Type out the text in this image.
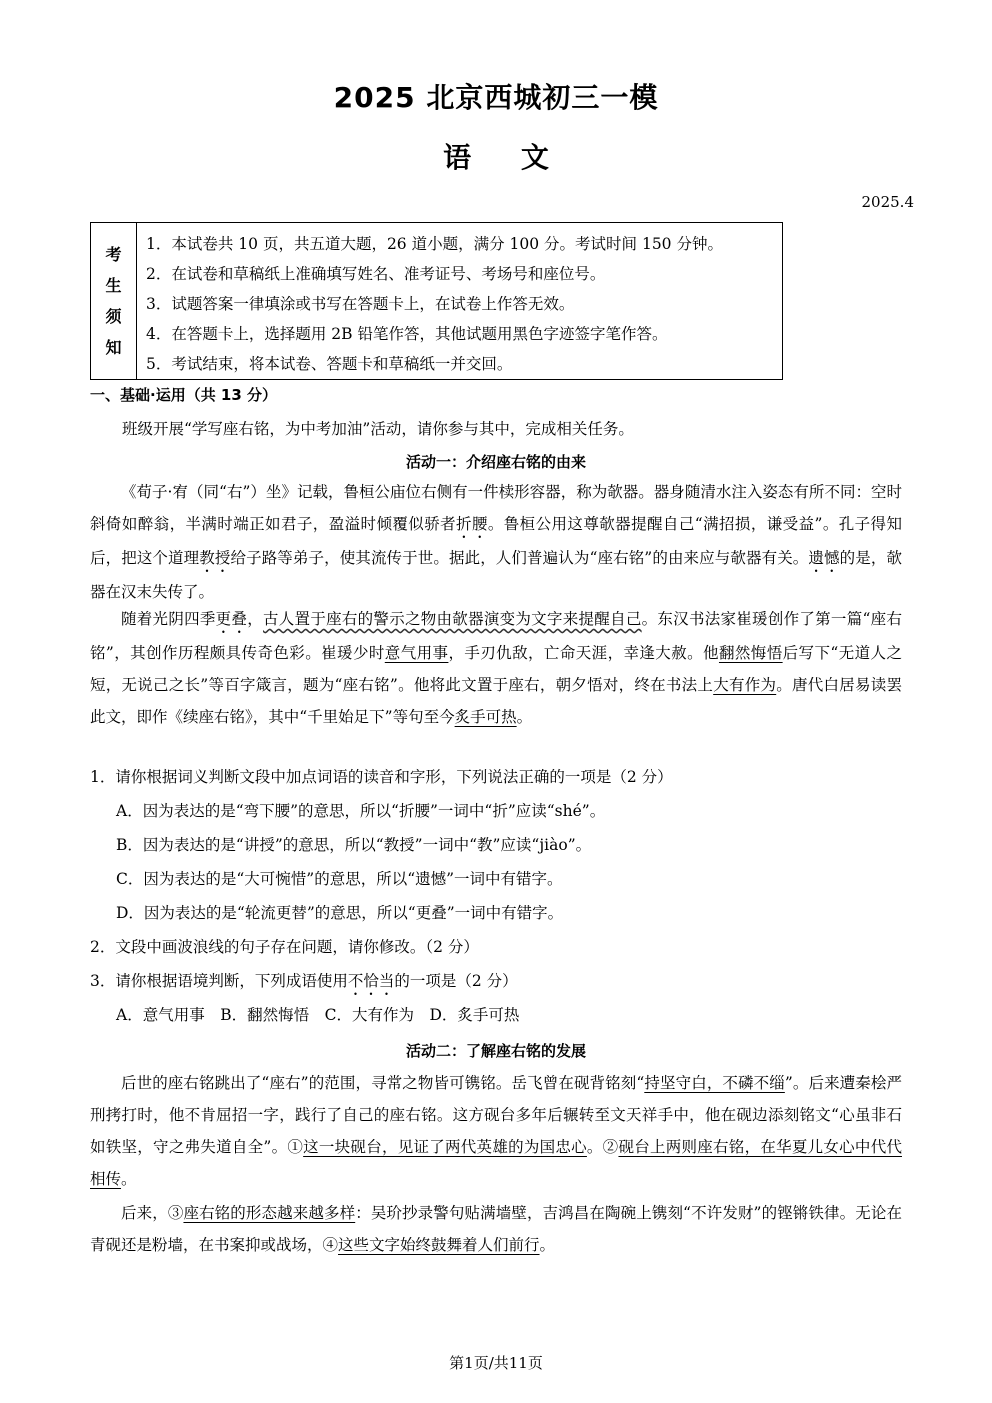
2025 北京西城初三一模
语 文
2025.4
考
生
须
知
1．本试卷共 10 页，共五道大题，26 道小题，满分 100 分。考试时间 150 分钟。
2．在试卷和草稿纸上准确填写姓名、准考证号、考场号和座位号。
3．试题答案一律填涂或书写在答题卡上，在试卷上作答无效。
4．在答题卡上，选择题用 2B 铅笔作答，其他试题用黑色字迹签字笔作答。
5．考试结束，将本试卷、答题卡和草稿纸一并交回。
一、基础·运用（共 13 分）
班级开展“学写座右铭，为中考加油”活动，请你参与其中，完成相关任务。
活动一：介绍座右铭的由来
《荀子·宥（同“右”）坐》记载，鲁桓公庙位右侧有一件椟形容器，称为欹器。器身随清水注入姿态有所不同：空时斜倚如醉翁，半满时端正如君子，盈溢时倾覆似骄者折腰。鲁桓公用这尊欹器提醒自己“满招损，谦受益”。孔子得知后，把这个道理教授给子路等弟子，使其流传于世。据此，人们普遍认为“座右铭”的由来应与欹器有关。遗憾的是，欹器在汉末失传了。
随着光阴四季更叠，古人置于座右的警示之物由欹器演变为文字来提醒自己。东汉书法家崔瑗创作了第一篇“座右铭”，其创作历程颇具传奇色彩。崔瑗少时意气用事，手刃仇敌，亡命天涯，幸逢大赦。他翻然悔悟后写下“无道人之短，无说己之长”等百字箴言，题为“座右铭”。他将此文置于座右，朝夕悟对，终在书法上大有作为。唐代白居易读罢此文，即作《续座右铭》，其中“千里始足下”等句至今炙手可热。
1．请你根据词义判断文段中加点词语的读音和字形，下列说法正确的一项是（2 分）
A．因为表达的是“弯下腰”的意思，所以“折腰”一词中“折”应读“shé”。
B．因为表达的是“讲授”的意思，所以“教授”一词中“教”应读“jiào”。
C．因为表达的是“大可惋惜”的意思，所以“遗憾”一词中有错字。
D．因为表达的是“轮流更替”的意思，所以“更叠”一词中有错字。
2．文段中画波浪线的句子存在问题，请你修改。（2 分）
3．请你根据语境判断，下列成语使用不恰当的一项是（2 分）
A．意气用事　B．翻然悔悟　C．大有作为　D．炙手可热
活动二：了解座右铭的发展
后世的座右铭跳出了“座右”的范围，寻常之物皆可镌铭。岳飞曾在砚背铭刻“持坚守白，不磷不缁”。后来遭秦桧严刑拷打时，他不肯屈招一字，践行了自己的座右铭。这方砚台多年后辗转至文天祥手中，他在砚边添刻铭文“心虽非石如铁坚，守之弗失道自全”。①这一块砚台，见证了两代英雄的为国忠心。②砚台上两则座右铭，在华夏儿女心中代代相传。
后来，③座右铭的形态越来越多样：吴玠抄录警句贴满墙壁，吉鸿昌在陶碗上镌刻“不许发财”的铿锵铁律。无论在青砚还是粉墙，在书案抑或战场，④这些文字始终鼓舞着人们前行。
第1页/共11页
